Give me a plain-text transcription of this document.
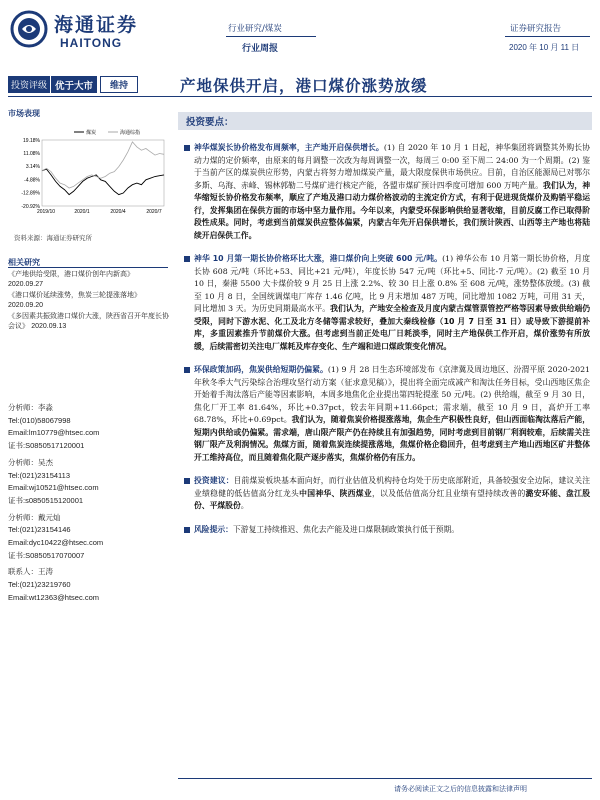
海通证券
HAITONG
行业研究/煤炭
行业周报
证券研究报告
2020 年 10 月 11 日
投资评级 优于大市	维持	产地保供开启，港口煤价涨势放缓
市场表现
煤炭	海通综指
19.18%
11.08%
3.14%
-4.88%
-12.89%
-20.92%
2019/10	2020/1	2020/4	2020/7
资料来源：海通证券研究所
相关研究
《产地供给受限，港口煤价创年内新高》 2020.09.27
《港口煤价延续涨势，焦炭三轮提涨落地》 2020.09.20
《多因素共振致港口煤价大涨，陕西省召开年度长协会议》 2020.09.13
分析师：李淼
Tel:(010)58067998
Email:lm10779@htsec.com
证书:S0850517120001
分析师：吴杰
Tel:(021)23154113
Email:wj10521@htsec.com
证书:s0850515120001
分析师：戴元灿
Tel:(021)23154146
Email:dyc10422@htsec.com
证书:S0850517070007
联系人：王涛
Tel:(021)23219760
Email:wt12363@htsec.com
投资要点：
神华煤炭长协价格发布周频率，主产地开启保供增长。(1) 自 2020 年 10 月 1 日起，神华集团将调整其外购长协动力煤的定价频率，由原来的每月调整一次改为每周调整一次，每周三 0:00 至下周二 24:00 为一个周期。(2) 鉴于当前产区的煤炭供应形势，内蒙古将努力增加煤炭产量，最大限度保供市场供应。目前，自治区能源局已对鄂尔多斯、乌海、赤峰、锡林郭勒二号煤矿进行核定产能，各盟市煤矿预计四季度可增加 600 万吨产量。我们认为，神华缩短长协价格发布频率，顺应了产地及港口动力煤价格波动的主流定价方式，有利于促进现货煤价及购销平稳运行，发挥集团在保供方面的市场中坚力量作用。今年以来，内蒙受环保影响供给显著收缩，目前反腐工作已取得阶段性成果。同时，考虑到当前煤炭供应整体偏紧，内蒙古年先开启保供增长，我们预计陕西、山西等主产地也将陆续开启保供工作。
神华 10 月第一期长协价格环比大涨，港口煤价向上突破 600 元/吨。(1) 神华公布 10 月第一期长协价格，月度长协 608 元/吨（环比+53、同比+21 元/吨），年度长协 547 元/吨（环比+5、同比-7 元/吨）。(2) 截至 10 月 10 日，秦港 5500 大卡煤价较 9 月 25 日上涨 2.2%、较 30 日上涨 0.8% 至 608 元/吨，涨势整体放缓。(3) 截至 10 月 8 日，全国统调煤电厂库存 1.46 亿吨，比 9 月末增加 487 万吨，同比增加 1082 万吨，可用 31 天，同比增加 3 天。为历史同期最高水平。我们认为，产地安全检查及月度内蒙古煤管票管控严格等因素导致供给端仍受限，同时下游水泥、化工及北方冬储等需求较好，叠加大秦线检修（10 月 7 日至 31 日）或导致下游提前补库，多重因素推升节前煤价大涨。但考虑到当前正处电厂日耗淡季，同时主产地保供工作开启，煤价涨势有所放缓，后续需密切关注电厂煤耗及库存变化、生产端和进口煤政策变化情况。
环保政策加码，焦炭供给短期仍偏紧。(1) 9 月 28 日生态环境部发布《京津冀及周边地区、汾渭平原 2020-2021 年秋冬季大气污染综合治理攻坚行动方案（征求意见稿）》，提出将全面完成减产和淘汰任务目标，受山西地区焦企开始着手淘汰落后产能等因素影响，本周多地焦化企业提出第四轮提涨 50 元/吨。(2) 供给端，截至 9 月 30 日，焦化厂开工率 81.64%，环比+0.37pct，较去年同期+11.66pct；需求端，截至 10 月 9 日，高炉开工率 68.78%，环比+0.69pct。我们认为，随着焦炭价格提涨落地，焦企生产积极性良好，但山西面临淘汰落后产能，短期内供给或仍偏紧。需求端，唐山限产限产仍在持续且有加强趋势，同时考虑到目前钢厂利润较难，后续需关注钢厂限产及利润情况。焦煤方面，随着焦炭连续提涨落地，焦煤价格企稳回升，但考虑到主产地山西地区矿井整体开工维持高位，而且随着焦化限产逐步落实，焦煤价格仍有压力。
投资建议：目前煤炭板块基本面向好，而行业估值及机构持仓均处于历史底部附近，具备较强安全边际，建议关注业绩稳健的低估值高分红龙头中国神华、陕西煤业，以及低估值高分红且业绩有望持续改善的潞安环能、盘江股份、平煤股份。
风险提示：下游复工持续推迟、焦化去产能及进口煤限制政策执行低于预期。
请务必阅读正文之后的信息披露和法律声明
